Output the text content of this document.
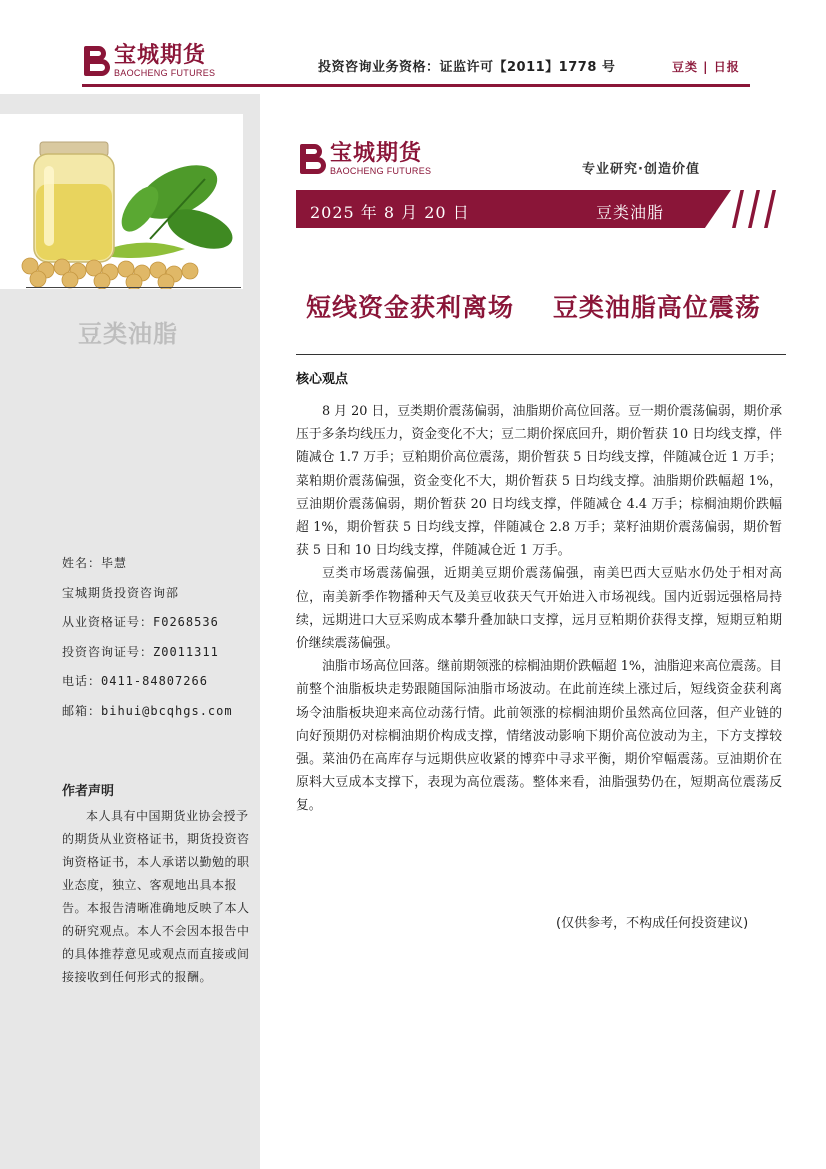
宝城期货
BAOCHENG FUTURES	投资咨询业务资格：证监许可【2011】1778 号	豆类 | 日报
豆类油脂
姓名：毕慧
宝城期货投资咨询部
从业资格证号：F0268536
投资咨询证号：Z0011311
电话：0411-84807266
邮箱：bihui@bcqhgs.com
作者声明
本人具有中国期货业协会授予的期货从业资格证书，期货投资咨询资格证书，本人承诺以勤勉的职业态度，独立、客观地出具本报告。本报告清晰准确地反映了本人的研究观点。本人不会因本报告中的具体推荐意见或观点而直接或间接接收到任何形式的报酬。
宝城期货
BAOCHENG FUTURES	专业研究·创造价值
2025 年 8 月 20 日	豆类油脂
短线资金获利离场    豆类油脂高位震荡
核心观点

8 月 20 日，豆类期价震荡偏弱，油脂期价高位回落。豆一期价震荡偏弱，期价承压于多条均线压力，资金变化不大；豆二期价探底回升，期价暂获 10 日均线支撑，伴随减仓 1.7 万手；豆粕期价高位震荡，期价暂获 5 日均线支撑，伴随减仓近 1 万手；菜粕期价震荡偏强，资金变化不大，期价暂获 5 日均线支撑。油脂期价跌幅超 1%，豆油期价震荡偏弱，期价暂获 20 日均线支撑，伴随减仓 4.4 万手；棕榈油期价跌幅超 1%，期价暂获 5 日均线支撑，伴随减仓 2.8 万手；菜籽油期价震荡偏弱，期价暂获 5 日和 10 日均线支撑，伴随减仓近 1 万手。

豆类市场震荡偏强，近期美豆期价震荡偏强，南美巴西大豆贴水仍处于相对高位，南美新季作物播种天气及美豆收获天气开始进入市场视线。国内近弱远强格局持续，远期进口大豆采购成本攀升叠加缺口支撑，远月豆粕期价获得支撑，短期豆粕期价继续震荡偏强。

油脂市场高位回落。继前期领涨的棕榈油期价跌幅超 1%，油脂迎来高位震荡。目前整个油脂板块走势跟随国际油脂市场波动。在此前连续上涨过后，短线资金获利离场令油脂板块迎来高位动荡行情。此前领涨的棕榈油期价虽然高位回落，但产业链的向好预期仍对棕榈油期价构成支撑，情绪波动影响下期价高位波动为主，下方支撑较强。菜油仍在高库存与远期供应收紧的博弈中寻求平衡，期价窄幅震荡。豆油期价在原料大豆成本支撑下，表现为高位震荡。整体来看，油脂强势仍在，短期高位震荡反复。

(仅供参考，不构成任何投资建议)
